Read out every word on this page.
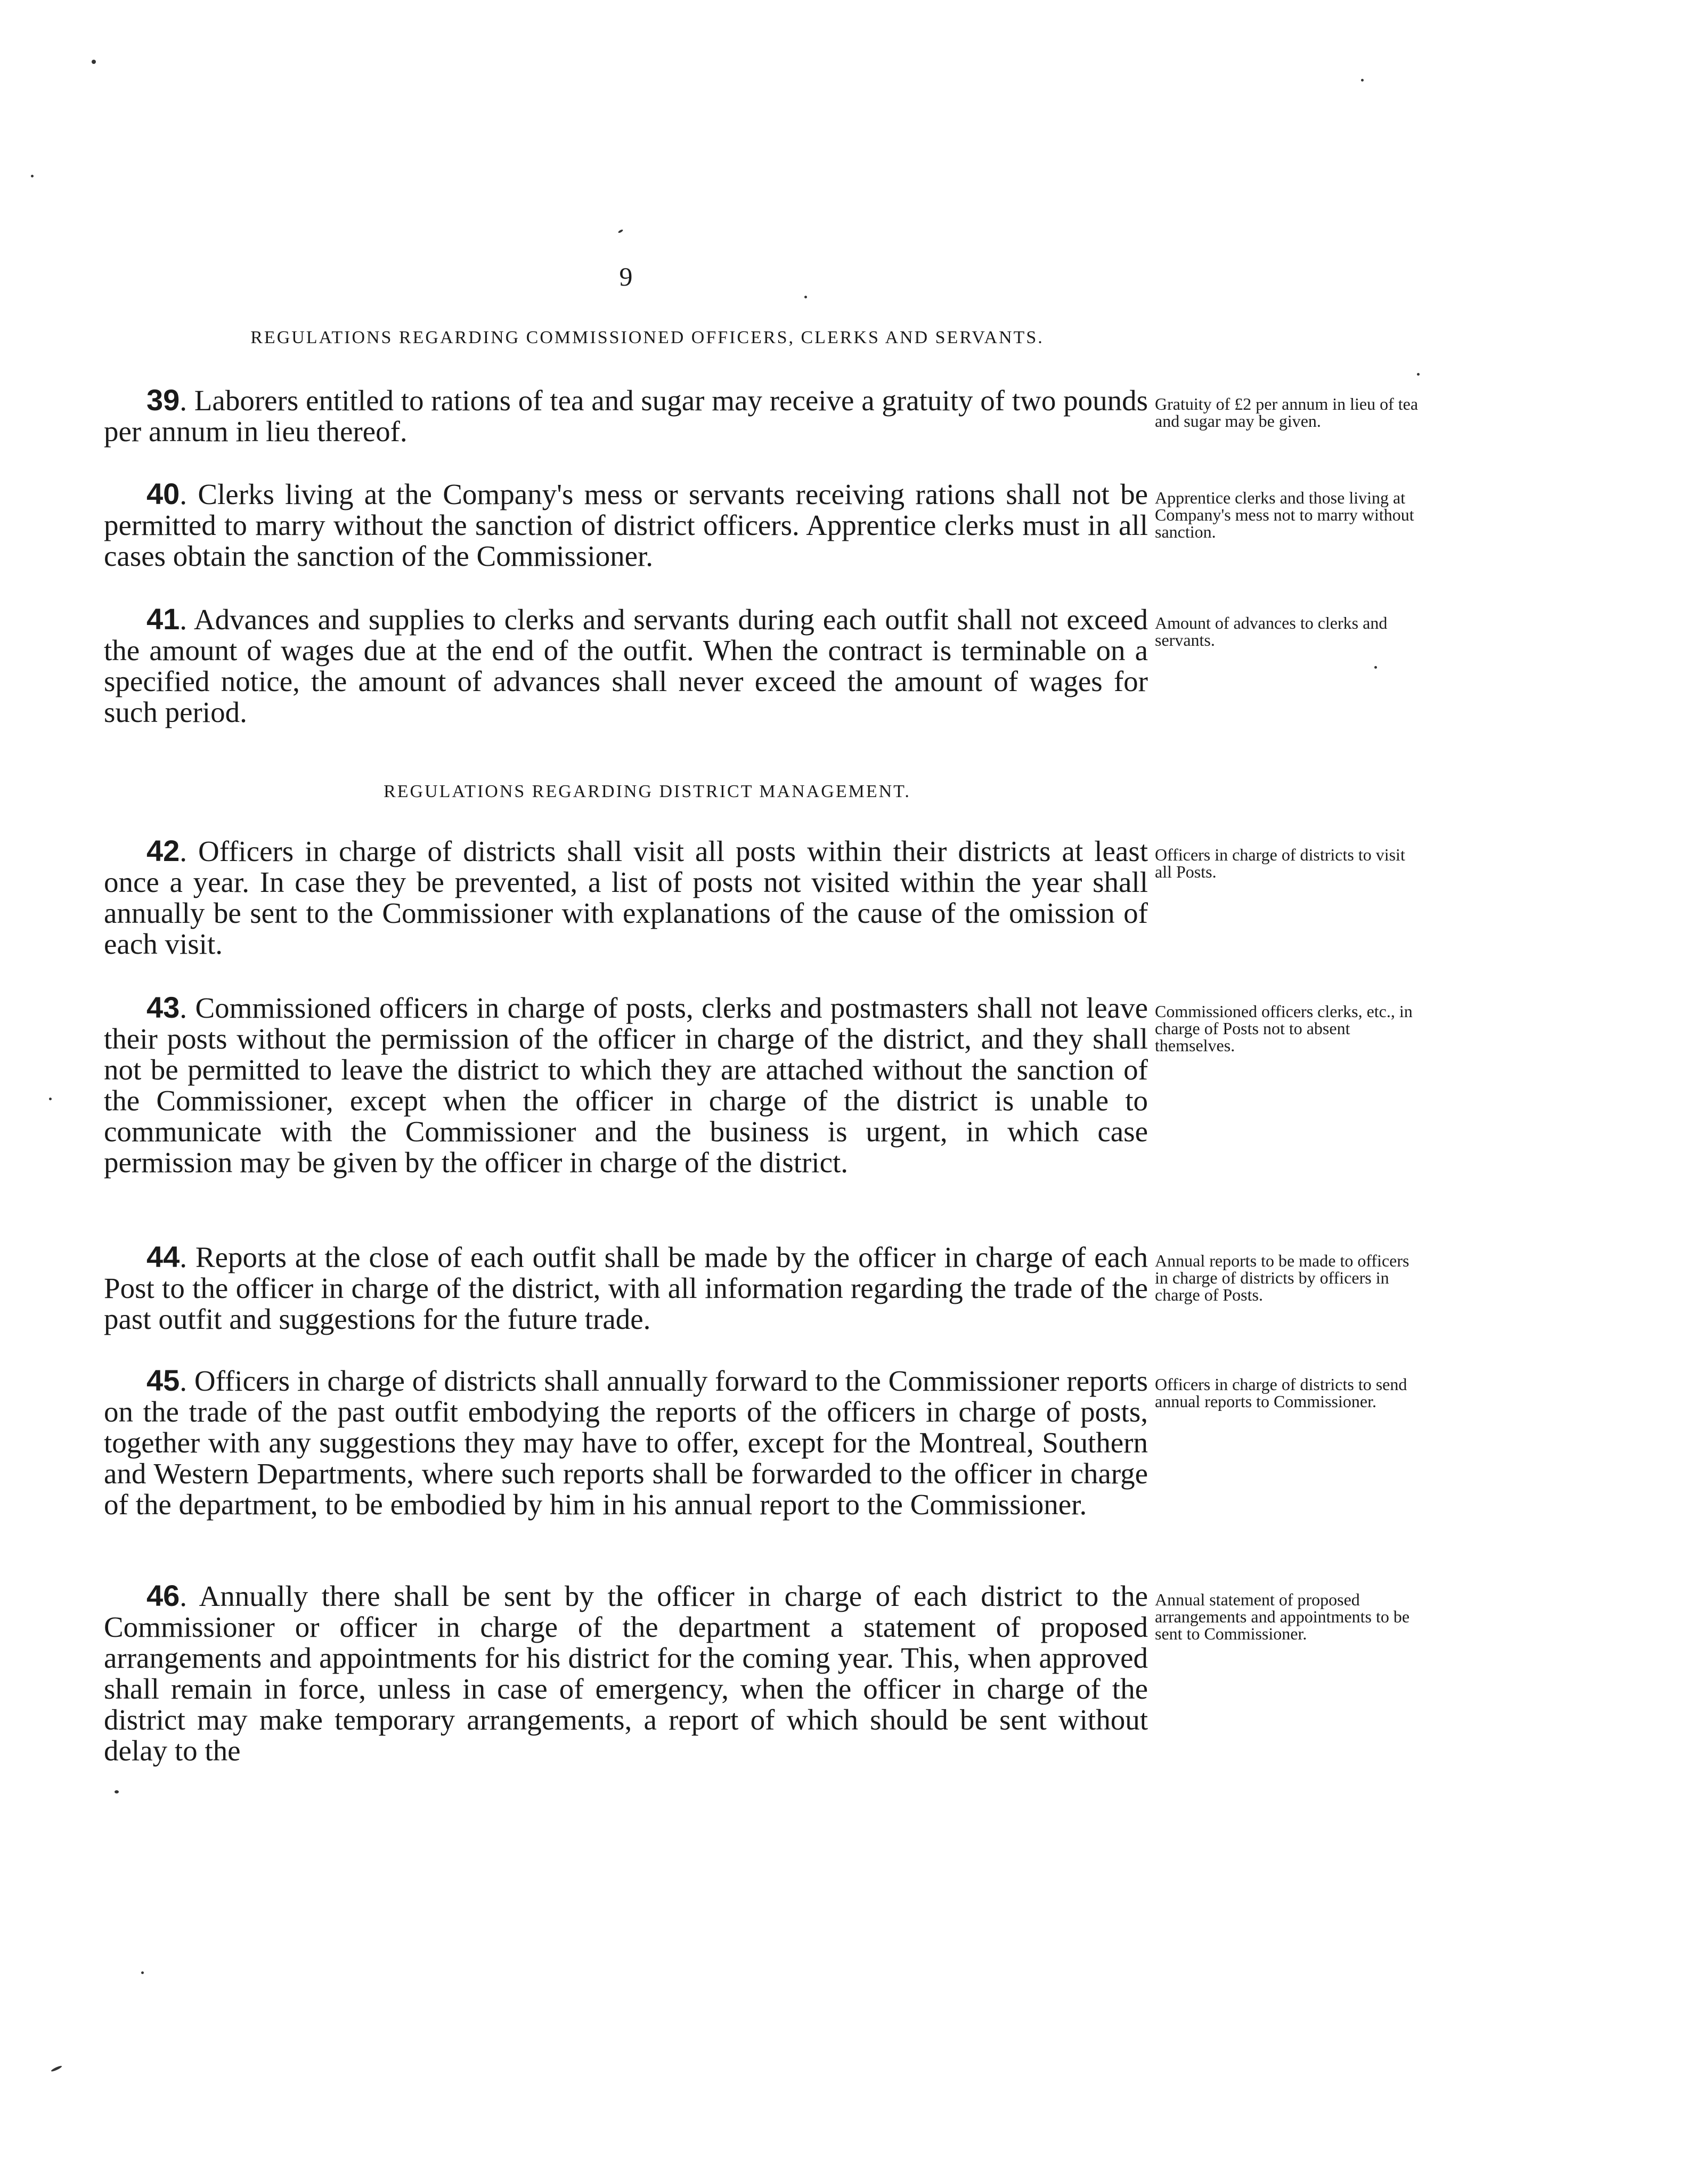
9
REGULATIONS REGARDING COMMISSIONED OFFICERS, CLERKS AND SERVANTS.
39. Laborers entitled to rations of tea and sugar may receive a gratuity of two pounds per annum in lieu thereof.
Gratuity of £2 per annum in lieu of tea and sugar may be given.
40. Clerks living at the Company's mess or servants receiving rations shall not be permitted to marry without the sanction of district officers. Apprentice clerks must in all cases obtain the sanction of the Commissioner.
Apprentice clerks and those living at Company's mess not to marry without sanction.
41. Advances and supplies to clerks and servants during each outfit shall not exceed the amount of wages due at the end of the outfit. When the contract is terminable on a specified notice, the amount of advances shall never exceed the amount of wages for such period.
Amount of advances to clerks and servants.
REGULATIONS REGARDING DISTRICT MANAGEMENT.
42. Officers in charge of districts shall visit all posts within their districts at least once a year. In case they be prevented, a list of posts not visited within the year shall annually be sent to the Commissioner with explanations of the cause of the omission of each visit.
Officers in charge of districts to visit all Posts.
43. Commissioned officers in charge of posts, clerks and postmasters shall not leave their posts without the permission of the officer in charge of the district, and they shall not be permitted to leave the district to which they are attached without the sanction of the Commissioner, except when the officer in charge of the district is unable to communicate with the Commissioner and the business is urgent, in which case permission may be given by the officer in charge of the district.
Commissioned officers clerks, etc., in charge of Posts not to absent themselves.
44. Reports at the close of each outfit shall be made by the officer in charge of each Post to the officer in charge of the district, with all information regarding the trade of the past outfit and suggestions for the future trade.
Annual reports to be made to officers in charge of districts by officers in charge of Posts.
45. Officers in charge of districts shall annually forward to the Commissioner reports on the trade of the past outfit embodying the reports of the officers in charge of posts, together with any suggestions they may have to offer, except for the Montreal, Southern and Western Departments, where such reports shall be forwarded to the officer in charge of the department, to be embodied by him in his annual report to the Commissioner.
Officers in charge of districts to send annual reports to Commissioner.
46. Annually there shall be sent by the officer in charge of each district to the Commissioner or officer in charge of the department a statement of proposed arrangements and appointments for his district for the coming year. This, when approved shall remain in force, unless in case of emergency, when the officer in charge of the district may make temporary arrangements, a report of which should be sent without delay to the
Annual statement of proposed arrangements and appointments to be sent to Commissioner.
